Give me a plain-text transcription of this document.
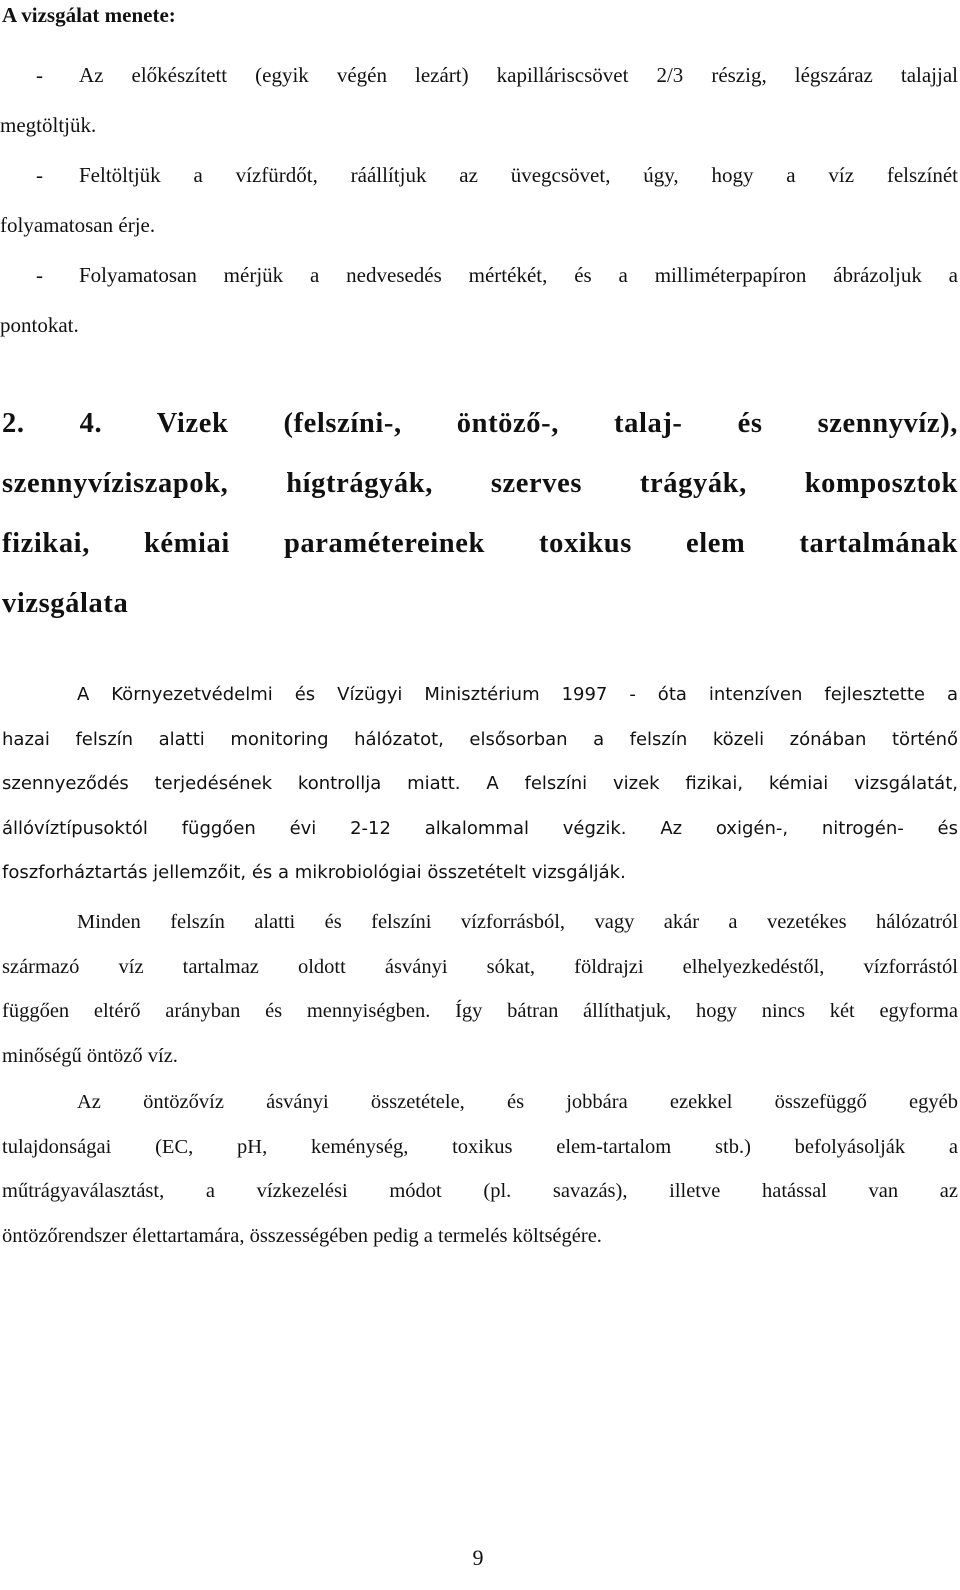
A vizsgálat menete:
- Az előkészített (egyik végén lezárt) kapilláriscsövet 2/3 részig, légszáraz talajjal
megtöltjük.
- Feltöltjük a vízfürdőt, ráállítjuk az üvegcsövet, úgy, hogy a víz felszínét
folyamatosan érje.
- Folyamatosan mérjük a nedvesedés mértékét, és a milliméterpapíron ábrázoljuk a
pontokat.
2. 4. Vizek (felszíni-, öntöző-, talaj- és szennyvíz),
szennyvíziszapok, hígtrágyák, szerves trágyák, komposztok
fizikai, kémiai paramétereinek toxikus elem tartalmának
vizsgálata
A Környezetvédelmi és Vízügyi Minisztérium 1997 - óta intenzíven fejlesztette a
hazai felszín alatti monitoring hálózatot, elsősorban a felszín közeli zónában történő
szennyeződés terjedésének kontrollja miatt. A felszíni vizek fizikai, kémiai vizsgálatát,
állóvíztípusoktól függően évi 2-12 alkalommal végzik. Az oxigén-, nitrogén- és
foszforháztartás jellemzőit, és a mikrobiológiai összetételt vizsgálják.
Minden felszín alatti és felszíni vízforrásból, vagy akár a vezetékes hálózatról
származó víz tartalmaz oldott ásványi sókat, földrajzi elhelyezkedéstől, vízforrástól
függően eltérő arányban és mennyiségben. Így bátran állíthatjuk, hogy nincs két egyforma
minőségű öntöző víz.
Az öntözővíz ásványi összetétele, és jobbára ezekkel összefüggő egyéb
tulajdonságai (EC, pH, keménység, toxikus elem-tartalom stb.) befolyásolják a
műtrágyaválasztást, a vízkezelési módot (pl. savazás), illetve hatással van az
öntözőrendszer élettartamára, összességében pedig a termelés költségére.
9
